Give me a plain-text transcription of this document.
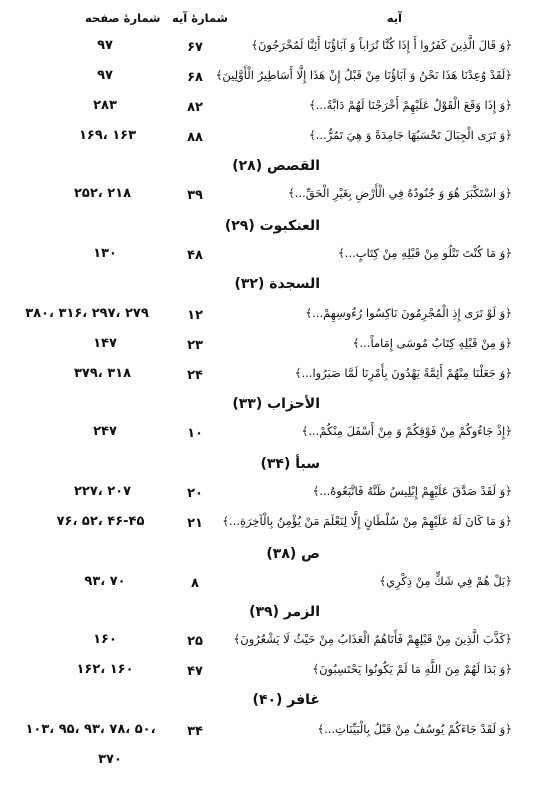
آیه
شمارهٔ آیه
شمارهٔ صفحه
﴿وَ قَالَ الَّذِينَ كَفَرُوا أَ إِذَا كُنَّا تُرَاباً وَ آبَاؤُنَا أَئِنَّا لَمُخْرَجُونَ﴾
۶۷
۹۷
﴿لَقَدْ وُعِدْنَا هَذَا نَحْنُ وَ آبَاؤُنَا مِنْ قَبْلُ إِنْ هَذَا إِلَّا أَسَاطِيرُ الْأَوَّلِينَ﴾
۶۸
۹۷
﴿وَ إِذَا وَقَعَ الْقَوْلُ عَلَيْهِمْ أَخْرَجْنَا لَهُمْ دَابَّةً...﴾
۸۲
۲۸۳
﴿وَ تَرَى الْجِبَالَ تَحْسَبُهَا جَامِدَةً وَ هِيَ تَمُرُّ...﴾
۸۸
۱۶۹، ۱۶۳
القصص (۲۸)
﴿وَ اسْتَكْبَرَ هُوَ وَ جُنُودُهُ فِي الْأَرْضِ بِغَيْرِ الْحَقِّ...﴾
۳۹
۲۵۲، ۲۱۸
العنکبوت (۲۹)
﴿وَ مَا كُنْتَ تَتْلُو مِنْ قَبْلِهِ مِنْ كِتَابٍ...﴾
۴۸
۱۳۰
السجدة (۳۲)
﴿وَ لَوْ تَرَى إِذِ الْمُجْرِمُونَ نَاكِسُوا رُءُوسِهِمْ...﴾
۱۲
۳۸۰، ۳۱۶، ۲۹۷، ۲۷۹
﴿وَ مِنْ قَبْلِهِ كِتَابُ مُوسَى إِمَاماً...﴾
۲۳
۱۴۷
﴿وَ جَعَلْنَا مِنْهُمْ أَئِمَّةً يَهْدُونَ بِأَمْرِنَا لَمَّا صَبَرُوا...﴾
۲۴
۳۷۹، ۳۱۸
الأحزاب (۳۳)
﴿إِذْ جَاءُوكُمْ مِنْ فَوْقِكُمْ وَ مِنْ أَسْفَلَ مِنْكُمْ...﴾
۱۰
۲۴۷
سبأ (۳۴)
﴿وَ لَقَدْ صَدَّقَ عَلَيْهِمْ إِبْلِيسُ ظَنَّهُ فَاتَّبَعُوهُ...﴾
۲۰
۲۲۷، ۲۰۷
﴿وَ مَا كَانَ لَهُ عَلَيْهِمْ مِنْ سُلْطَانٍ إِلَّا لِنَعْلَمَ مَنْ يُؤْمِنُ بِالْآخِرَةِ...﴾
۲۱
۷۶، ۵۲، ۴۶-۴۵
ص (۳۸)
﴿بَلْ هُمْ فِي شَكٍّ مِنْ ذِكْرِي﴾
۸
۹۳، ۷۰
الزمر (۳۹)
﴿كَذَّبَ الَّذِينَ مِنْ قَبْلِهِمْ فَأَتَاهُمُ الْعَذَابُ مِنْ حَيْثُ لَا يَشْعُرُونَ﴾
۲۵
۱۶۰
﴿وَ بَدَا لَهُمْ مِنَ اللَّهِ مَا لَمْ يَكُونُوا يَحْتَسِبُونَ﴾
۴۷
۱۶۲، ۱۶۰
غافر (۴۰)
﴿وَ لَقَدْ جَاءَكُمْ يُوسُفُ مِنْ قَبْلُ بِالْبَيِّنَاتِ...﴾
۳۴
۱۰۳، ۹۵، ۹۳، ۷۸، ۵۰،
۳۷۰
